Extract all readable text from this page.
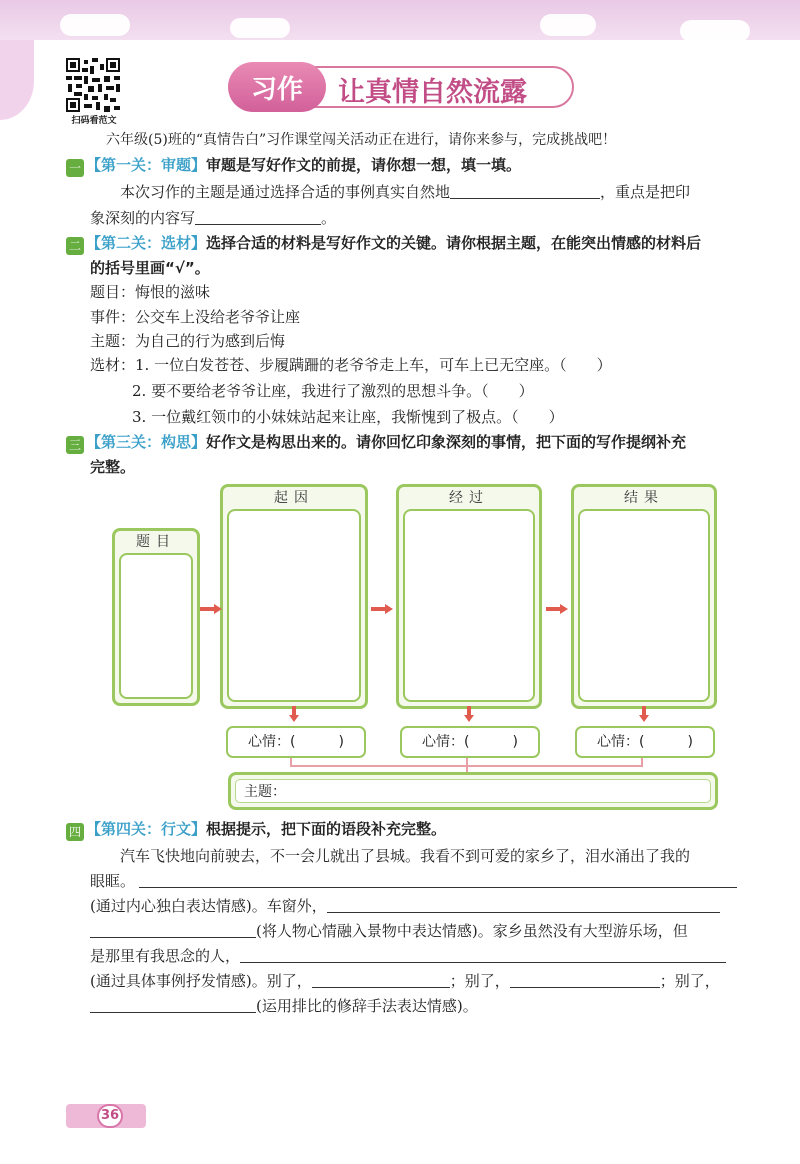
扫码看范文
习作	让真情自然流露
六年级(5)班的“真情告白”习作课堂闯关活动正在进行，请你来参与，完成挑战吧！
一 【第一关：审题】审题是写好作文的前提，请你想一想，填一填。
本次习作的主题是通过选择合适的事例真实自然地	，重点是把印
象深刻的内容写	。
二 【第二关：选材】选择合适的材料是写好作文的关键。请你根据主题，在能突出情感的材料后
的括号里画“√”。
题目：悔恨的滋味
事件：公交车上没给老爷爷让座
主题：为自己的行为感到后悔
选材：1. 一位白发苍苍、步履蹒跚的老爷爷走上车，可车上已无空座。（　　）
2. 要不要给老爷爷让座，我进行了激烈的思想斗争。（　　）
3. 一位戴红领巾的小妹妹站起来让座，我惭愧到了极点。（　　）
三 【第三关：构思】好作文是构思出来的。请你回忆印象深刻的事情，把下面的写作提纲补充
完整。
题目
起因	经过	结果
心情：(	)	心情：(	)	心情：(	)
主题：
四 【第四关：行文】根据提示，把下面的语段补充完整。
汽车飞快地向前驶去，不一会儿就出了县城。我看不到可爱的家乡了，泪水涌出了我的
眼眶。
(通过内心独白表达情感)。车窗外，
(将人物心情融入景物中表达情感)。家乡虽然没有大型游乐场，但
是那里有我思念的人，
(通过具体事例抒发情感)。别了，	；别了，	；别了，
(运用排比的修辞手法表达情感)。
36
